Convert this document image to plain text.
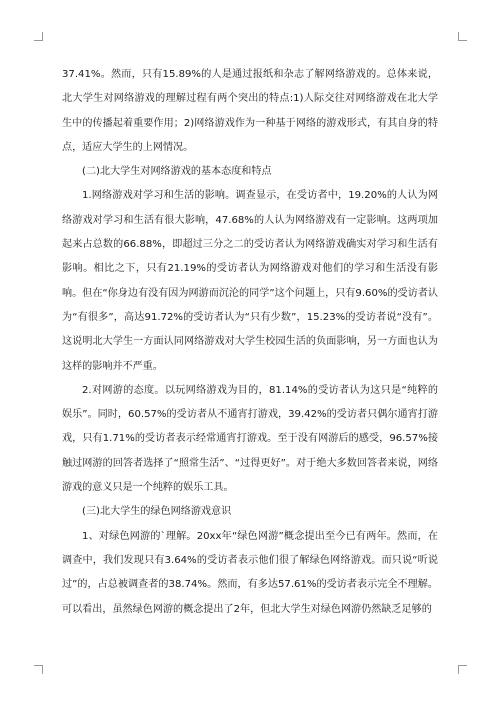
37.41%。然而，只有15.89%的人是通过报纸和杂志了解网络游戏的。总体来说，北大学生对网络游戏的理解过程有两个突出的特点:1)人际交往对网络游戏在北大学生中的传播起着重要作用；2)网络游戏作为一种基于网络的游戏形式，有其自身的特点，适应大学生的上网情况。

(二)北大学生对网络游戏的基本态度和特点

1.网络游戏对学习和生活的影响。调查显示，在受访者中，19.20%的人认为网络游戏对学习和生活有很大影响，47.68%的人认为网络游戏有一定影响。这两项加起来占总数的66.88%，即超过三分之二的受访者认为网络游戏确实对学习和生活有影响。相比之下，只有21.19%的受访者认为网络游戏对他们的学习和生活没有影响。但在“你身边有没有因为网游而沉沦的同学”这个问题上，只有9.60%的受访者认为“有很多”，高达91.72%的受访者认为“只有少数”，15.23%的受访者说“没有”。这说明北大学生一方面认同网络游戏对大学生校园生活的负面影响，另一方面也认为这样的影响并不严重。

2.对网游的态度。以玩网络游戏为目的，81.14%的受访者认为这只是“纯粹的娱乐”。同时，60.57%的受访者从不通宵打游戏，39.42%的受访者只偶尔通宵打游戏，只有1.71%的受访者表示经常通宵打游戏。至于没有网游后的感受，96.57%接触过网游的回答者选择了“照常生活”、“过得更好”。对于绝大多数回答者来说，网络游戏的意义只是一个纯粹的娱乐工具。

(三)北大学生的绿色网络游戏意识

1、对绿色网游的`理解。20xx年“绿色网游”概念提出至今已有两年。然而，在调查中，我们发现只有3.64%的受访者表示他们很了解绿色网络游戏。而只说“听说过”的，占总被调查者的38.74%。然而，有多达57.61%的受访者表示完全不理解。可以看出，虽然绿色网游的概念提出了2年，但北大学生对绿色网游仍然缺乏足够的
